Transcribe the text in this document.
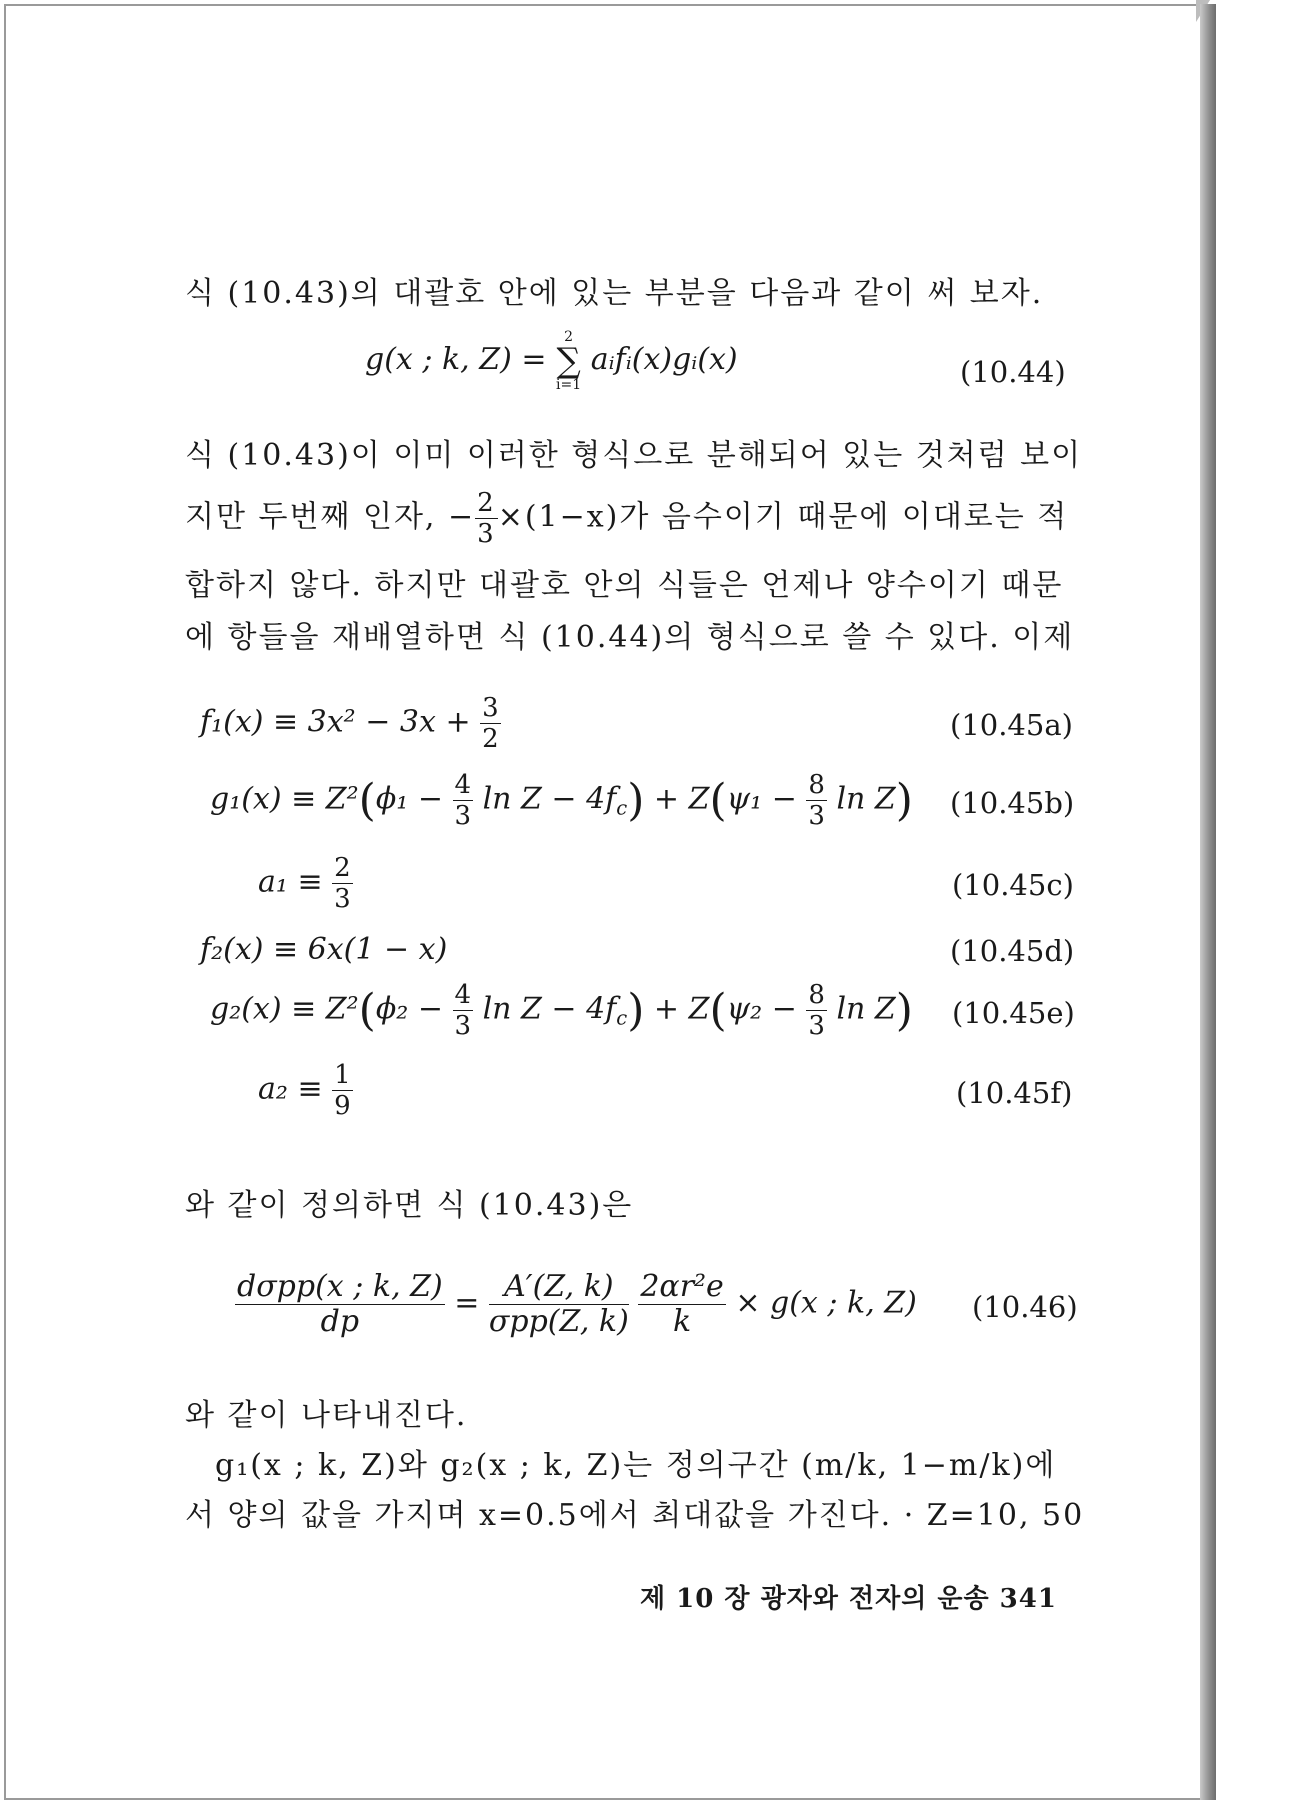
식 (10.43)의 대괄호 안에 있는 부분을 다음과 같이 써 보자.
g(x ; k, Z) =
2
∑
i=1
aᵢfᵢ(x)gᵢ(x)	(10.44)
식 (10.43)이 이미 이러한 형식으로 분해되어 있는 것처럼 보이
지만 두번째 인자, − $\frac{2}{3} \times(1-x)$가 음수이기 때문에 이대로는 적
합하지 않다. 하지만 대괄호 안의 식들은 언제나 양수이기 때문
에 항들을 재배열하면 식 (10.44)의 형식으로 쓸 수 있다. 이제
$f_1(x) \equiv 3x^2 - 3x + \frac{3}{2}$	(10.45a)
$g_1(x) \equiv Z^2(\phi_1 - \frac{4}{3}$ $\ln Z - 4f_c) + Z(\psi_1 - \frac{8}{3}$ ln Z) (10.45b)
$a_1 \equiv \frac{2}{3}$	(10.45c)
f₂(x) ≡ 6x(1 − x)	(10.45d)
$g_2(x) \equiv Z^2(\phi_2 - \frac{4}{3}$ $\ln Z - 4f_c) + Z(\psi_2 - \frac{8}{3}$ ln Z) (10.45e)
$a_2 \equiv \frac{1}{9}$	(10.45f)
와 같이 정의하면 식 (10.43)은
$\frac{\text{dσpp(x ; k, Z)}}{dp} = \frac{A'(Z, k)}{\text{σpp(Z, k)}}$
$\frac{\text{2αr²e}}{k} \times g(x$ ; k, Z) (10.46)
와 같이 나타내진다.
g₁(x ; k, Z)와 g₂(x ; k, Z)는 정의구간 (m/k, 1−m/k)에
서 양의 값을 가지며 x=0.5에서 최대값을 가진다. · Z=10, 50
제 10 장 광자와 전자의 운송 341
